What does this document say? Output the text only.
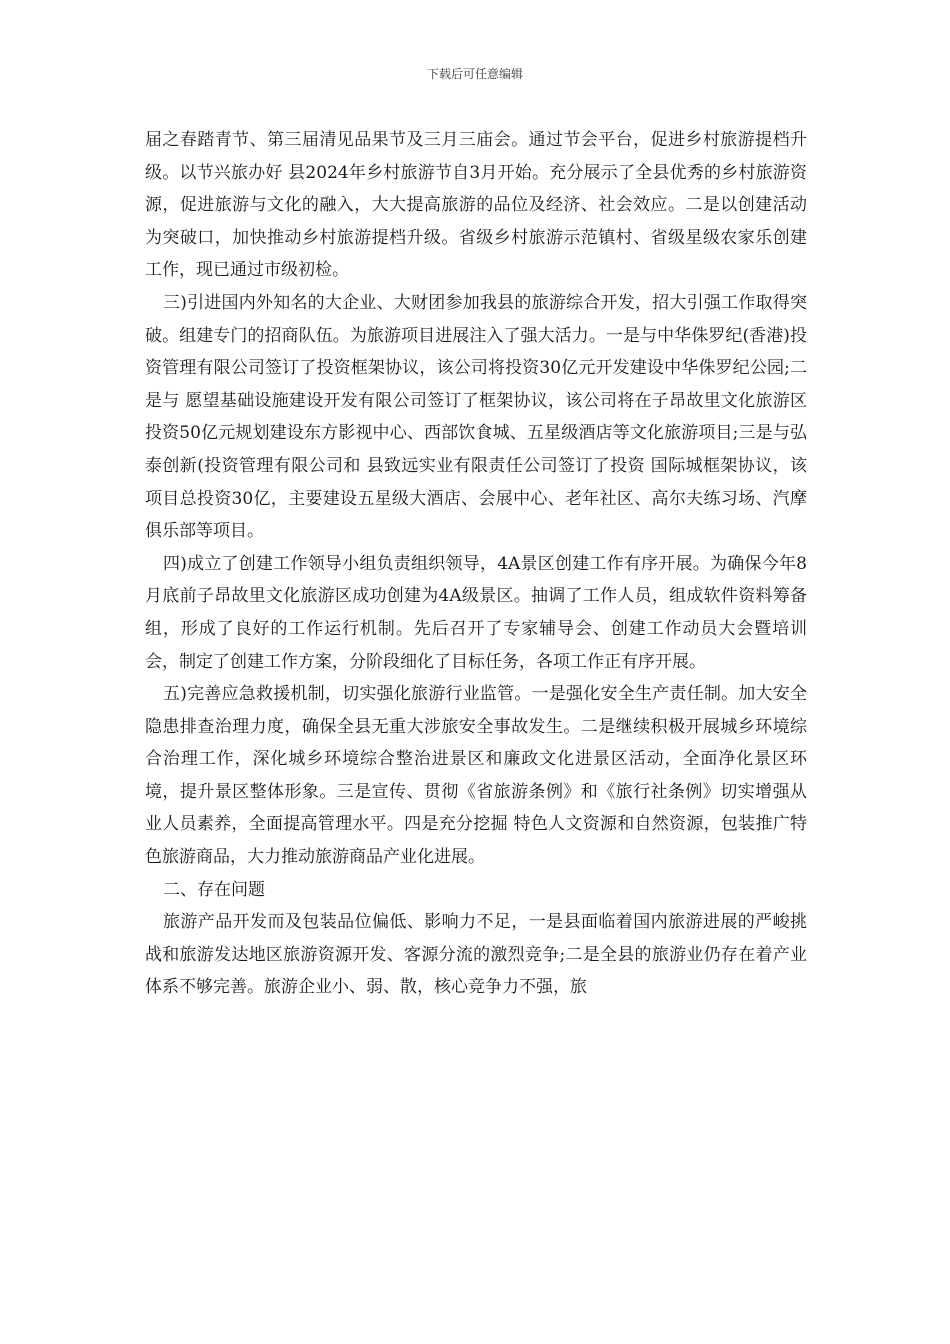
下载后可任意编辑

届之春踏青节、第三届清见品果节及三月三庙会。通过节会平台，促进乡村旅游提档升级。以节兴旅办好 县2024年乡村旅游节自3月开始。充分展示了全县优秀的乡村旅游资源，促进旅游与文化的融入，大大提高旅游的品位及经济、社会效应。二是以创建活动为突破口，加快推动乡村旅游提档升级。省级乡村旅游示范镇村、省级星级农家乐创建工作，现已通过市级初检。

三)引进国内外知名的大企业、大财团参加我县的旅游综合开发，招大引强工作取得突破。组建专门的招商队伍。为旅游项目进展注入了强大活力。一是与中华侏罗纪(香港)投资管理有限公司签订了投资框架协议，该公司将投资30亿元开发建设中华侏罗纪公园;二是与 愿望基础设施建设开发有限公司签订了框架协议，该公司将在子昂故里文化旅游区投资50亿元规划建设东方影视中心、西部饮食城、五星级酒店等文化旅游项目;三是与弘泰创新(投资管理有限公司和 县致远实业有限责任公司签订了投资 国际城框架协议，该项目总投资30亿，主要建设五星级大酒店、会展中心、老年社区、高尔夫练习场、汽摩俱乐部等项目。

四)成立了创建工作领导小组负责组织领导，4A景区创建工作有序开展。为确保今年8月底前子昂故里文化旅游区成功创建为4A级景区。抽调了工作人员，组成软件资料筹备组，形成了良好的工作运行机制。先后召开了专家辅导会、创建工作动员大会暨培训会，制定了创建工作方案，分阶段细化了目标任务，各项工作正有序开展。

五)完善应急救援机制，切实强化旅游行业监管。一是强化安全生产责任制。加大安全隐患排查治理力度，确保全县无重大涉旅安全事故发生。二是继续积极开展城乡环境综合治理工作，深化城乡环境综合整治进景区和廉政文化进景区活动，全面净化景区环境，提升景区整体形象。三是宣传、贯彻《省旅游条例》和《旅行社条例》切实增强从业人员素养，全面提高管理水平。四是充分挖掘 特色人文资源和自然资源，包装推广特色旅游商品，大力推动旅游商品产业化进展。

二、存在问题

旅游产品开发而及包装品位偏低、影响力不足，一是县面临着国内旅游进展的严峻挑战和旅游发达地区旅游资源开发、客源分流的激烈竞争;二是全县的旅游业仍存在着产业体系不够完善。旅游企业小、弱、散，核心竞争力不强，旅
